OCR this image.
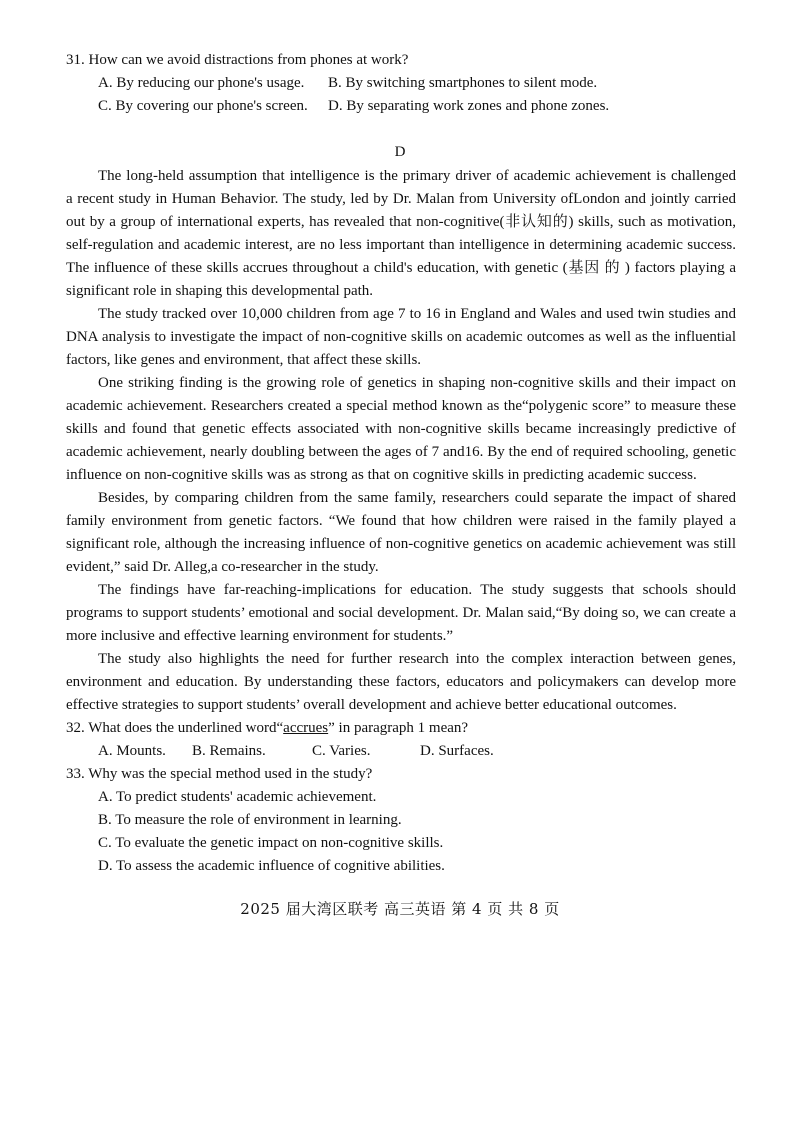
31. How can we avoid distractions from phones at work?
A. By reducing our phone's usage. B. By switching smartphones to silent mode.
C. By covering our phone's screen. D. By separating work zones and phone zones.
D
The long-held assumption that intelligence is the primary driver of academic achievement is challenged
a recent study in Human Behavior. The study, led by Dr. Malan from University ofLondon and jointly carried
out by a group of international experts, has revealed that non-cognitive(非认知的) skills, such as motivation,
self-regulation and academic interest, are no less important than intelligence in determining academic success.
The influence of these skills accrues throughout a child's education, with genetic (基因 的 ) factors playing a
significant role in shaping this developmental path.
The study tracked over 10,000 children from age 7 to 16 in England and Wales and used twin studies and
DNA analysis to investigate the impact of non-cognitive skills on academic outcomes as well as the influential
factors, like genes and environment, that affect these skills.
One striking finding is the growing role of genetics in shaping non-cognitive skills and their impact on
academic achievement. Researchers created a special method known as the“polygenic score” to measure these
skills and found that genetic effects associated with non-cognitive skills became increasingly predictive of
academic achievement, nearly doubling between the ages of 7 and16. By the end of required schooling, genetic
influence on non-cognitive skills was as strong as that on cognitive skills in predicting academic success.
Besides, by comparing children from the same family, researchers could separate the impact of shared
family environment from genetic factors. “We found that how children were raised in the family played a
significant role, although the increasing influence of non-cognitive genetics on academic achievement was still
evident,” said Dr. Alleg,a co-researcher in the study.
The findings have far-reaching-implications for education. The study suggests that schools should
programs to support students’ emotional and social development. Dr. Malan said,“By doing so, we can create a
more inclusive and effective learning environment for students.”
The study also highlights the need for further research into the complex interaction between genes,
environment and education. By understanding these factors, educators and policymakers can develop more
effective strategies to support students’ overall development and achieve better educational outcomes.
32. What does the underlined word“accrues” in paragraph 1 mean?
A. Mounts. B. Remains.	C. Varies.	D. Surfaces.
33. Why was the special method used in the study?
A. To predict students' academic achievement.
B. To measure the role of environment in learning.
C. To evaluate the genetic impact on non-cognitive skills.
D. To assess the academic influence of cognitive abilities.
2025 届大湾区联考 高三英语 第 4 页 共 8 页
